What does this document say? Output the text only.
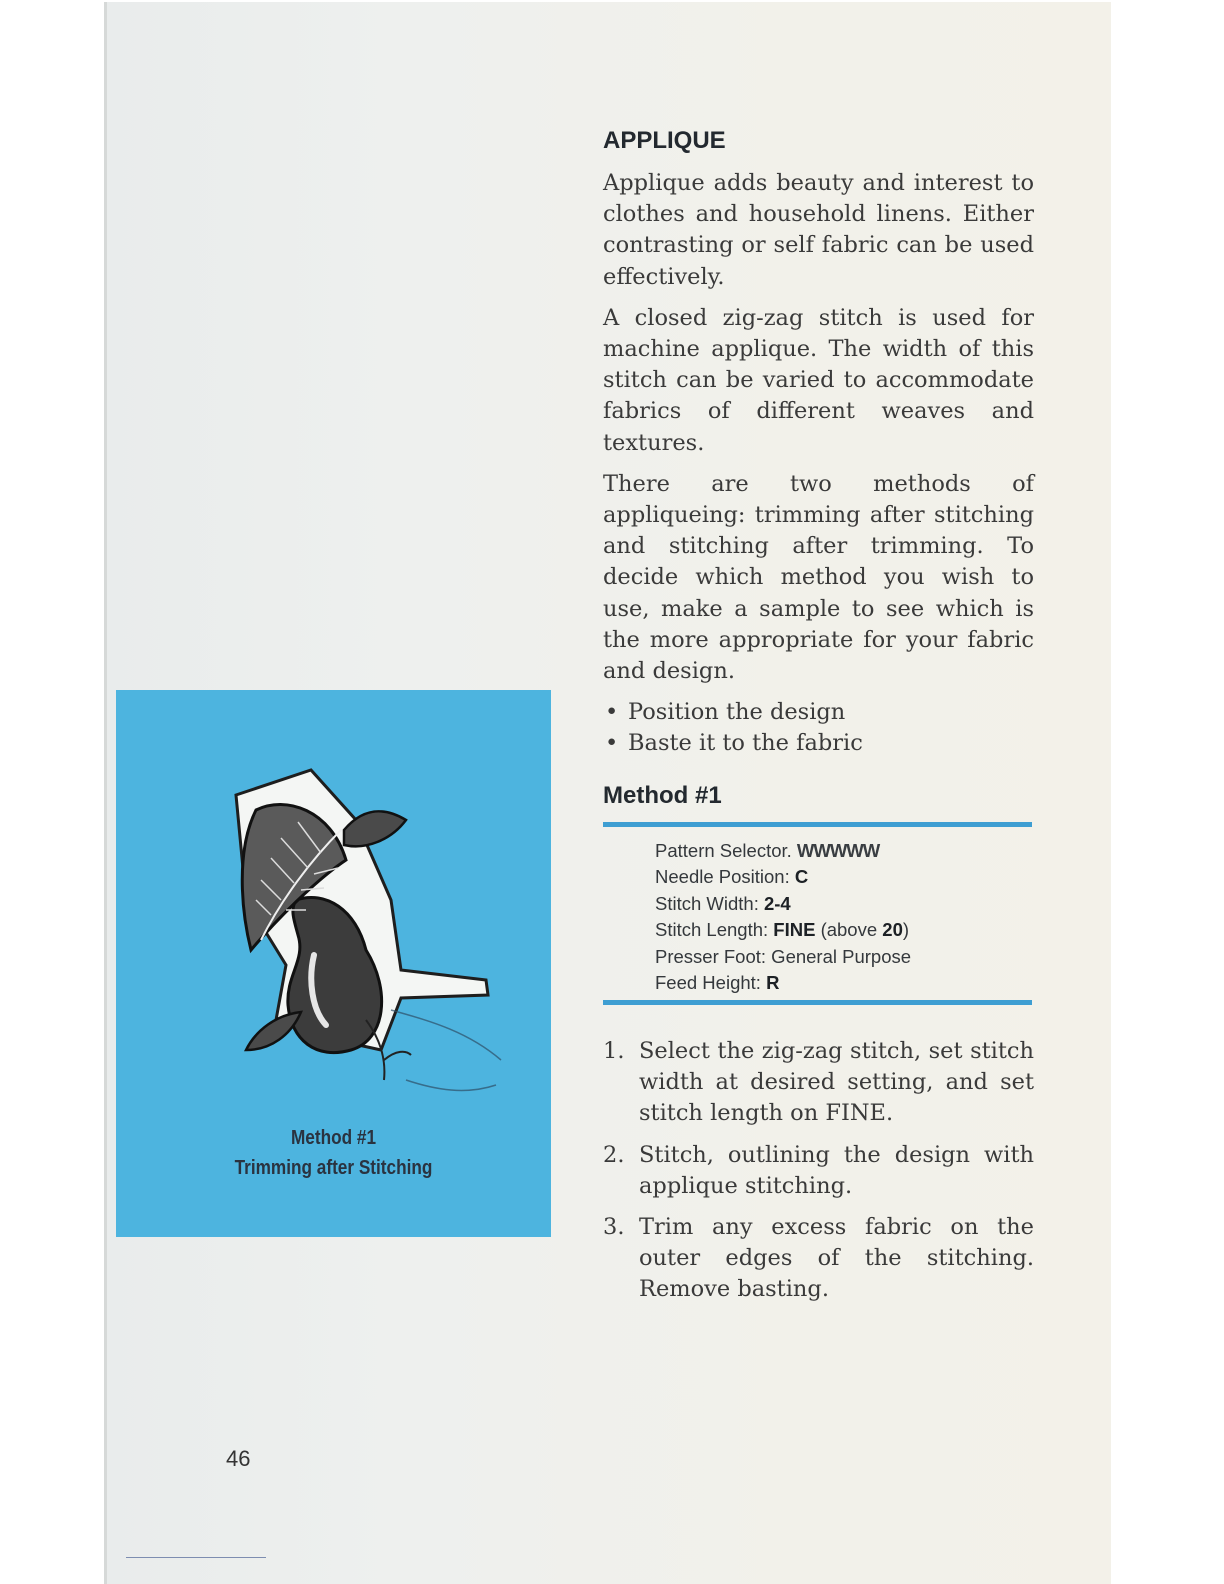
Method #1
Trimming after Stitching
APPLIQUE

Applique adds beauty and interest to clothes and household linens. Either contrasting or self fabric can be used effectively.

A closed zig-zag stitch is used for machine applique. The width of this stitch can be varied to accommodate fabrics of different weaves and textures.

There are two methods of appliqueing: trimming after stitching and stitching after trimming. To decide which method you wish to use, make a sample to see which is the more appropriate for your fabric and design.

• Position the design
• Baste it to the fabric
Method #1
Pattern Selector. WWWWW
Needle Position: C
Stitch Width: 2-4
Stitch Length: FINE (above 20)
Presser Foot: General Purpose
Feed Height: R
1. Select the zig-zag stitch, set stitch width at desired setting, and set stitch length on FINE.
2. Stitch, outlining the design with applique stitching.
3. Trim any excess fabric on the outer edges of the stitching. Remove basting.
46
